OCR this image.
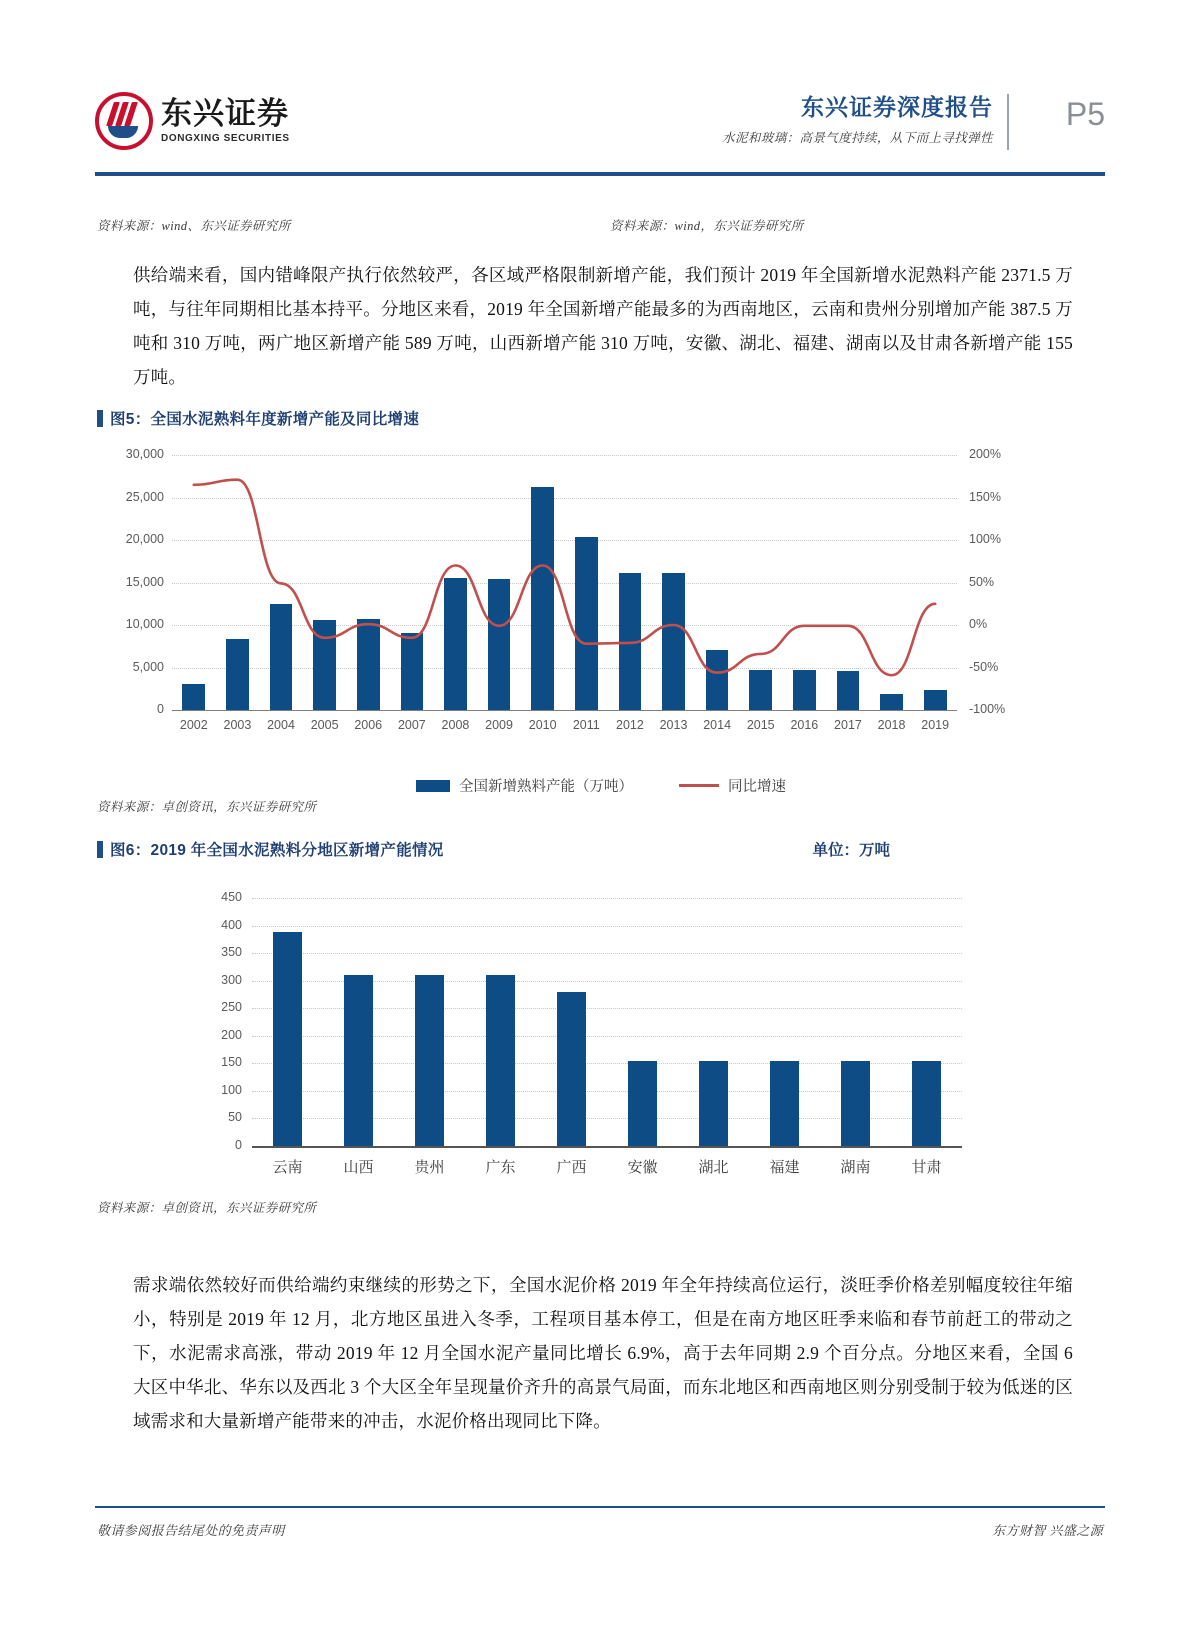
东兴证券
DONGXING SECURITIES
东兴证券深度报告
水泥和玻璃：高景气度持续，从下而上寻找弹性
P5
资料来源：wind、东兴证券研究所	资料来源：wind，东兴证券研究所
供给端来看，国内错峰限产执行依然较严，各区域严格限制新增产能，我们预计 2019 年全国新增水泥熟料产能 2371.5 万吨，与往年同期相比基本持平。分地区来看，2019 年全国新增产能最多的为西南地区，云南和贵州分别增加产能 387.5 万吨和 310 万吨，两广地区新增产能 589 万吨，山西新增产能 310 万吨，安徽、湖北、福建、湖南以及甘肃各新增产能 155 万吨。
图5：全国水泥熟料年度新增产能及同比增速
0	-100%
5,000	-50%
10,000	0%
15,000	50%
20,000	100%
25,000	150%
30,000	200%
2002	2003	2004	2005	2006	2007	2008	2009	2010	2011	2012	2013	2014	2015	2016	2017	2018	2019
全国新增熟料产能（万吨）	同比增速
资料来源：卓创资讯，东兴证券研究所
图6：2019 年全国水泥熟料分地区新增产能情况	单位：万吨
0
50
100
150
200
250
300
350
400
450
云南	山西	贵州	广东	广西	安徽	湖北	福建	湖南	甘肃
资料来源：卓创资讯，东兴证券研究所
需求端依然较好而供给端约束继续的形势之下，全国水泥价格 2019 年全年持续高位运行，淡旺季价格差别幅度较往年缩小，特别是 2019 年 12 月，北方地区虽进入冬季，工程项目基本停工，但是在南方地区旺季来临和春节前赶工的带动之下，水泥需求高涨，带动 2019 年 12 月全国水泥产量同比增长 6.9%，高于去年同期 2.9 个百分点。分地区来看，全国 6 大区中华北、华东以及西北 3 个大区全年呈现量价齐升的高景气局面，而东北地区和西南地区则分别受制于较为低迷的区域需求和大量新增产能带来的冲击，水泥价格出现同比下降。
敬请参阅报告结尾处的免责声明	东方财智 兴盛之源
